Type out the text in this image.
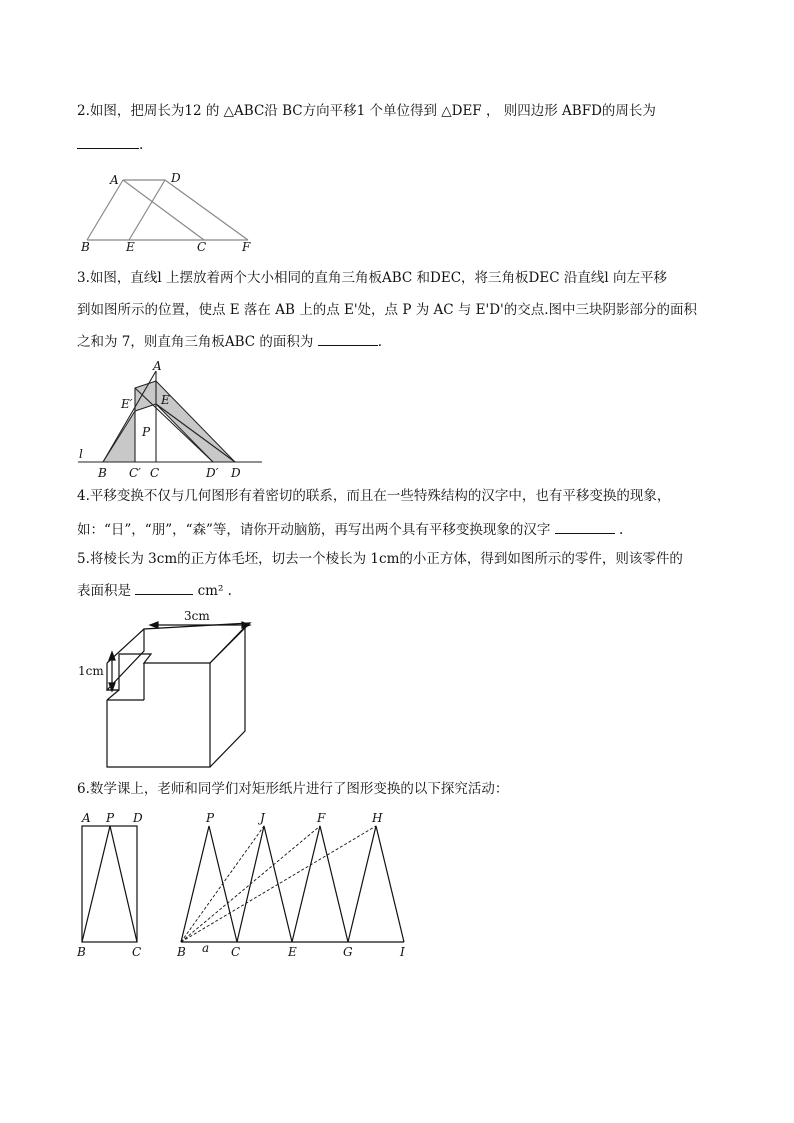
2.如图，把周长为12 的 △ABC沿 BC方向平移1 个单位得到 △DEF ， 则四边形 ABFD的周长为
.
A	D
B	E	C	F
3.如图，直线l 上摆放着两个大小相同的直角三角板ABC 和DEC，将三角板DEC 沿直线l 向左平移
到如图所示的位置，使点 E 落在 AB 上的点 E'处，点 P 为 AC 与 E'D'的交点.图中三块阴影部分的面积
之和为 7，则直角三角板ABC 的面积为	.
A
E′ E
P
l
B C′ C	D′ D
4.平移变换不仅与几何图形有着密切的联系，而且在一些特殊结构的汉字中，也有平移变换的现象，
如：“日”，“朋”，“森”等，请你开动脑筋，再写出两个具有平移变换现象的汉字	.
5.将棱长为 3cm的正方体毛坯，切去一个棱长为 1cm的小正方体，得到如图所示的零件，则该零件的
表面积是	cm² .
3cm
1cm
6.数学课上，老师和同学们对矩形纸片进行了图形变换的以下探究活动：
A P D
B	C
P	J	F	H
B a C	E	G	I
